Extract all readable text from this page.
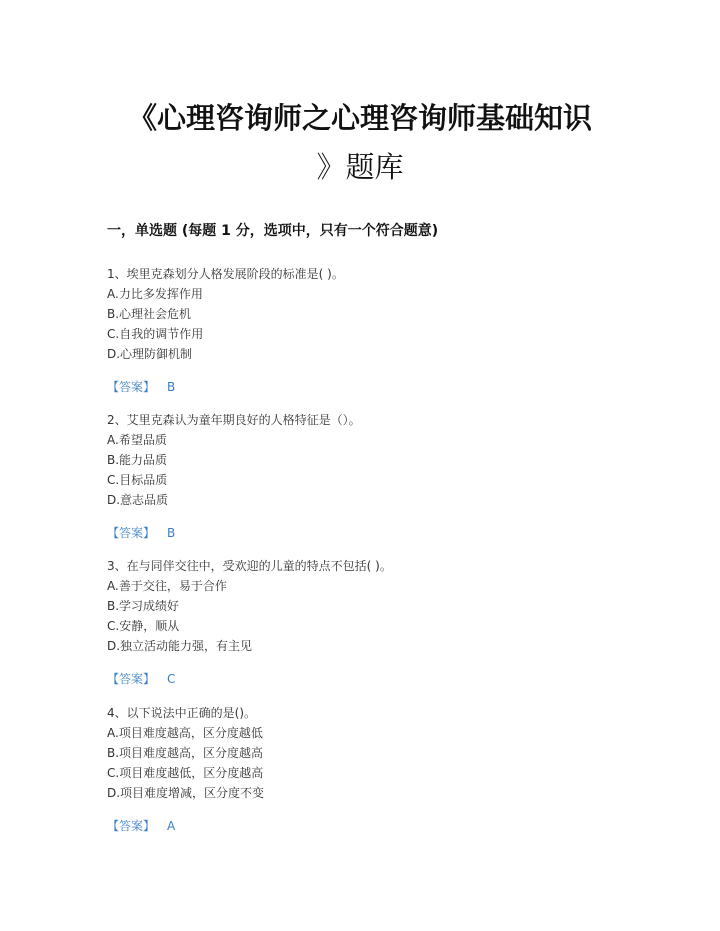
《心理咨询师之心理咨询师基础知识
》题库
一，单选题 (每题 1 分，选项中，只有一个符合题意)
1、埃里克森划分人格发展阶段的标准是( )。
A.力比多发挥作用
B.心理社会危机
C.自我的调节作用
D.心理防御机制
【答案】 B
2、艾里克森认为童年期良好的人格特征是（）。
A.希望品质
B.能力品质
C.目标品质
D.意志品质
【答案】 B
3、在与同伴交往中，受欢迎的儿童的特点不包括( )。
A.善于交往，易于合作
B.学习成绩好
C.安静，顺从
D.独立活动能力强，有主见
【答案】 C
4、以下说法中正确的是()。
A.项目难度越高，区分度越低
B.项目难度越高，区分度越高
C.项目难度越低，区分度越高
D.项目难度增减，区分度不变
【答案】 A
